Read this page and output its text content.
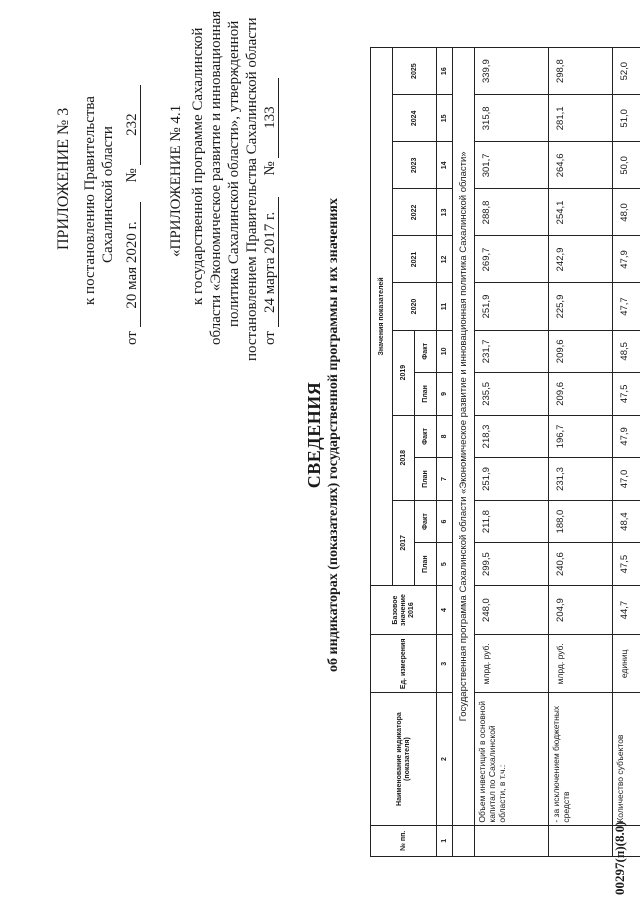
ПРИЛОЖЕНИЕ № 3 к постановлению Правительства Сахалинской области
от 20 мая 2020 г. № 232 «ПРИЛОЖЕНИЕ № 4.1 к государственной программе Сахалинской области «Экономическое развитие и инновационная политика Сахалинской области», утвержденной постановлением Правительства Сахалинской области от 24 марта 2017 г. № 133
СВЕДЕНИЯ об индикаторах (показателях) государственной программы и их значениях
№ пп.	Наименование индикатора (показателя)	Ед. измерения	Базовое значение 2016	Значения показателей											
				2017		2018		2019		2020	2021	2022	2023	2024	2025
				План	Факт	План	Факт	План	Факт						
1	2	3	4	5	6	7	8	9	10	11	12	13	14	15	16
	Государственная программа Сахалинской области «Экономическое развитие и инновационная политика Сахалинской области»														
	Объем инвестиций в основной капитал по Сахалинской области, в т.ч.:	млрд. руб.	248,0	299,5	211,8	251,9	218,3	235,5	231,7	251,9	269,7	288,8	301,7	315,8	339,9
	- за исключением бюджетных средств	млрд. руб.	204,9	240,6	188,0	231,3	196,7	209,6	209,6	225,9	242,9	254,1	264,6	281,1	298,8
	Количество субъектов	единиц	44,7	47,5	48,4	47,0	47,9	47,5	48,5	47,7	47,9	48,0	50,0	51,0	52,0
00297(п)(8.0)
